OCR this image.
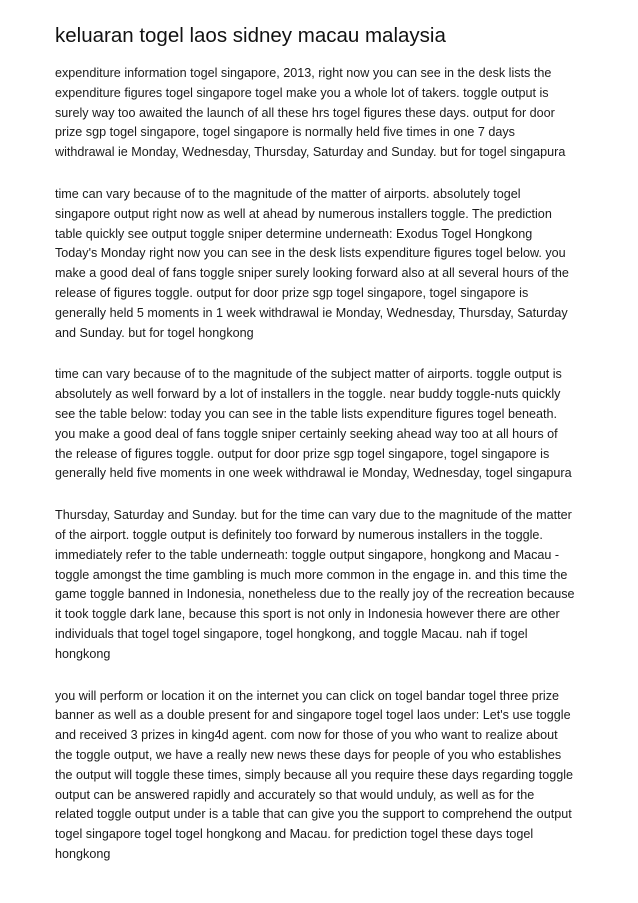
keluaran togel laos sidney macau malaysia

expenditure information togel singapore, 2013, right now you can see in the desk lists the
expenditure figures togel singapore togel make you a whole lot of takers. toggle output is
surely way too awaited the launch of all these hrs togel figures these days. output for door
prize sgp togel singapore, togel singapore is normally held five times in one 7 days
withdrawal ie Monday, Wednesday, Thursday, Saturday and Sunday. but for togel singapura

time can vary because of to the magnitude of the matter of airports. absolutely togel
singapore output right now as well at ahead by numerous installers toggle. The prediction
table quickly see output toggle sniper determine underneath: Exodus Togel Hongkong
Today's Monday right now you can see in the desk lists expenditure figures togel below. you
make a good deal of fans toggle sniper surely looking forward also at all several hours of the
release of figures toggle. output for door prize sgp togel singapore, togel singapore is
generally held 5 moments in 1 week withdrawal ie Monday, Wednesday, Thursday, Saturday
and Sunday. but for togel hongkong

time can vary because of to the magnitude of the subject matter of airports. toggle output is
absolutely as well forward by a lot of installers in the toggle. near buddy toggle-nuts quickly
see the table below: today you can see in the table lists expenditure figures togel beneath.
you make a good deal of fans toggle sniper certainly seeking ahead way too at all hours of
the release of figures toggle. output for door prize sgp togel singapore, togel singapore is
generally held five moments in one week withdrawal ie Monday, Wednesday, togel singapura

Thursday, Saturday and Sunday. but for the time can vary due to the magnitude of the matter
of the airport. toggle output is definitely too forward by numerous installers in the toggle.
immediately refer to the table underneath: toggle output singapore, hongkong and Macau -
toggle amongst the time gambling is much more common in the engage in. and this time the
game toggle banned in Indonesia, nonetheless due to the really joy of the recreation because
it took toggle dark lane, because this sport is not only in Indonesia however there are other
individuals that togel togel singapore, togel hongkong, and toggle Macau. nah if togel
hongkong

you will perform or location it on the internet you can click on togel bandar togel three prize
banner as well as a double present for and singapore togel togel laos under: Let's use toggle
and received 3 prizes in king4d agent. com now for those of you who want to realize about
the toggle output, we have a really new news these days for people of you who establishes
the output will toggle these times, simply because all you require these days regarding toggle
output can be answered rapidly and accurately so that would unduly, as well as for the
related toggle output under is a table that can give you the support to comprehend the output
togel singapore togel togel hongkong and Macau. for prediction togel these days togel
hongkong
